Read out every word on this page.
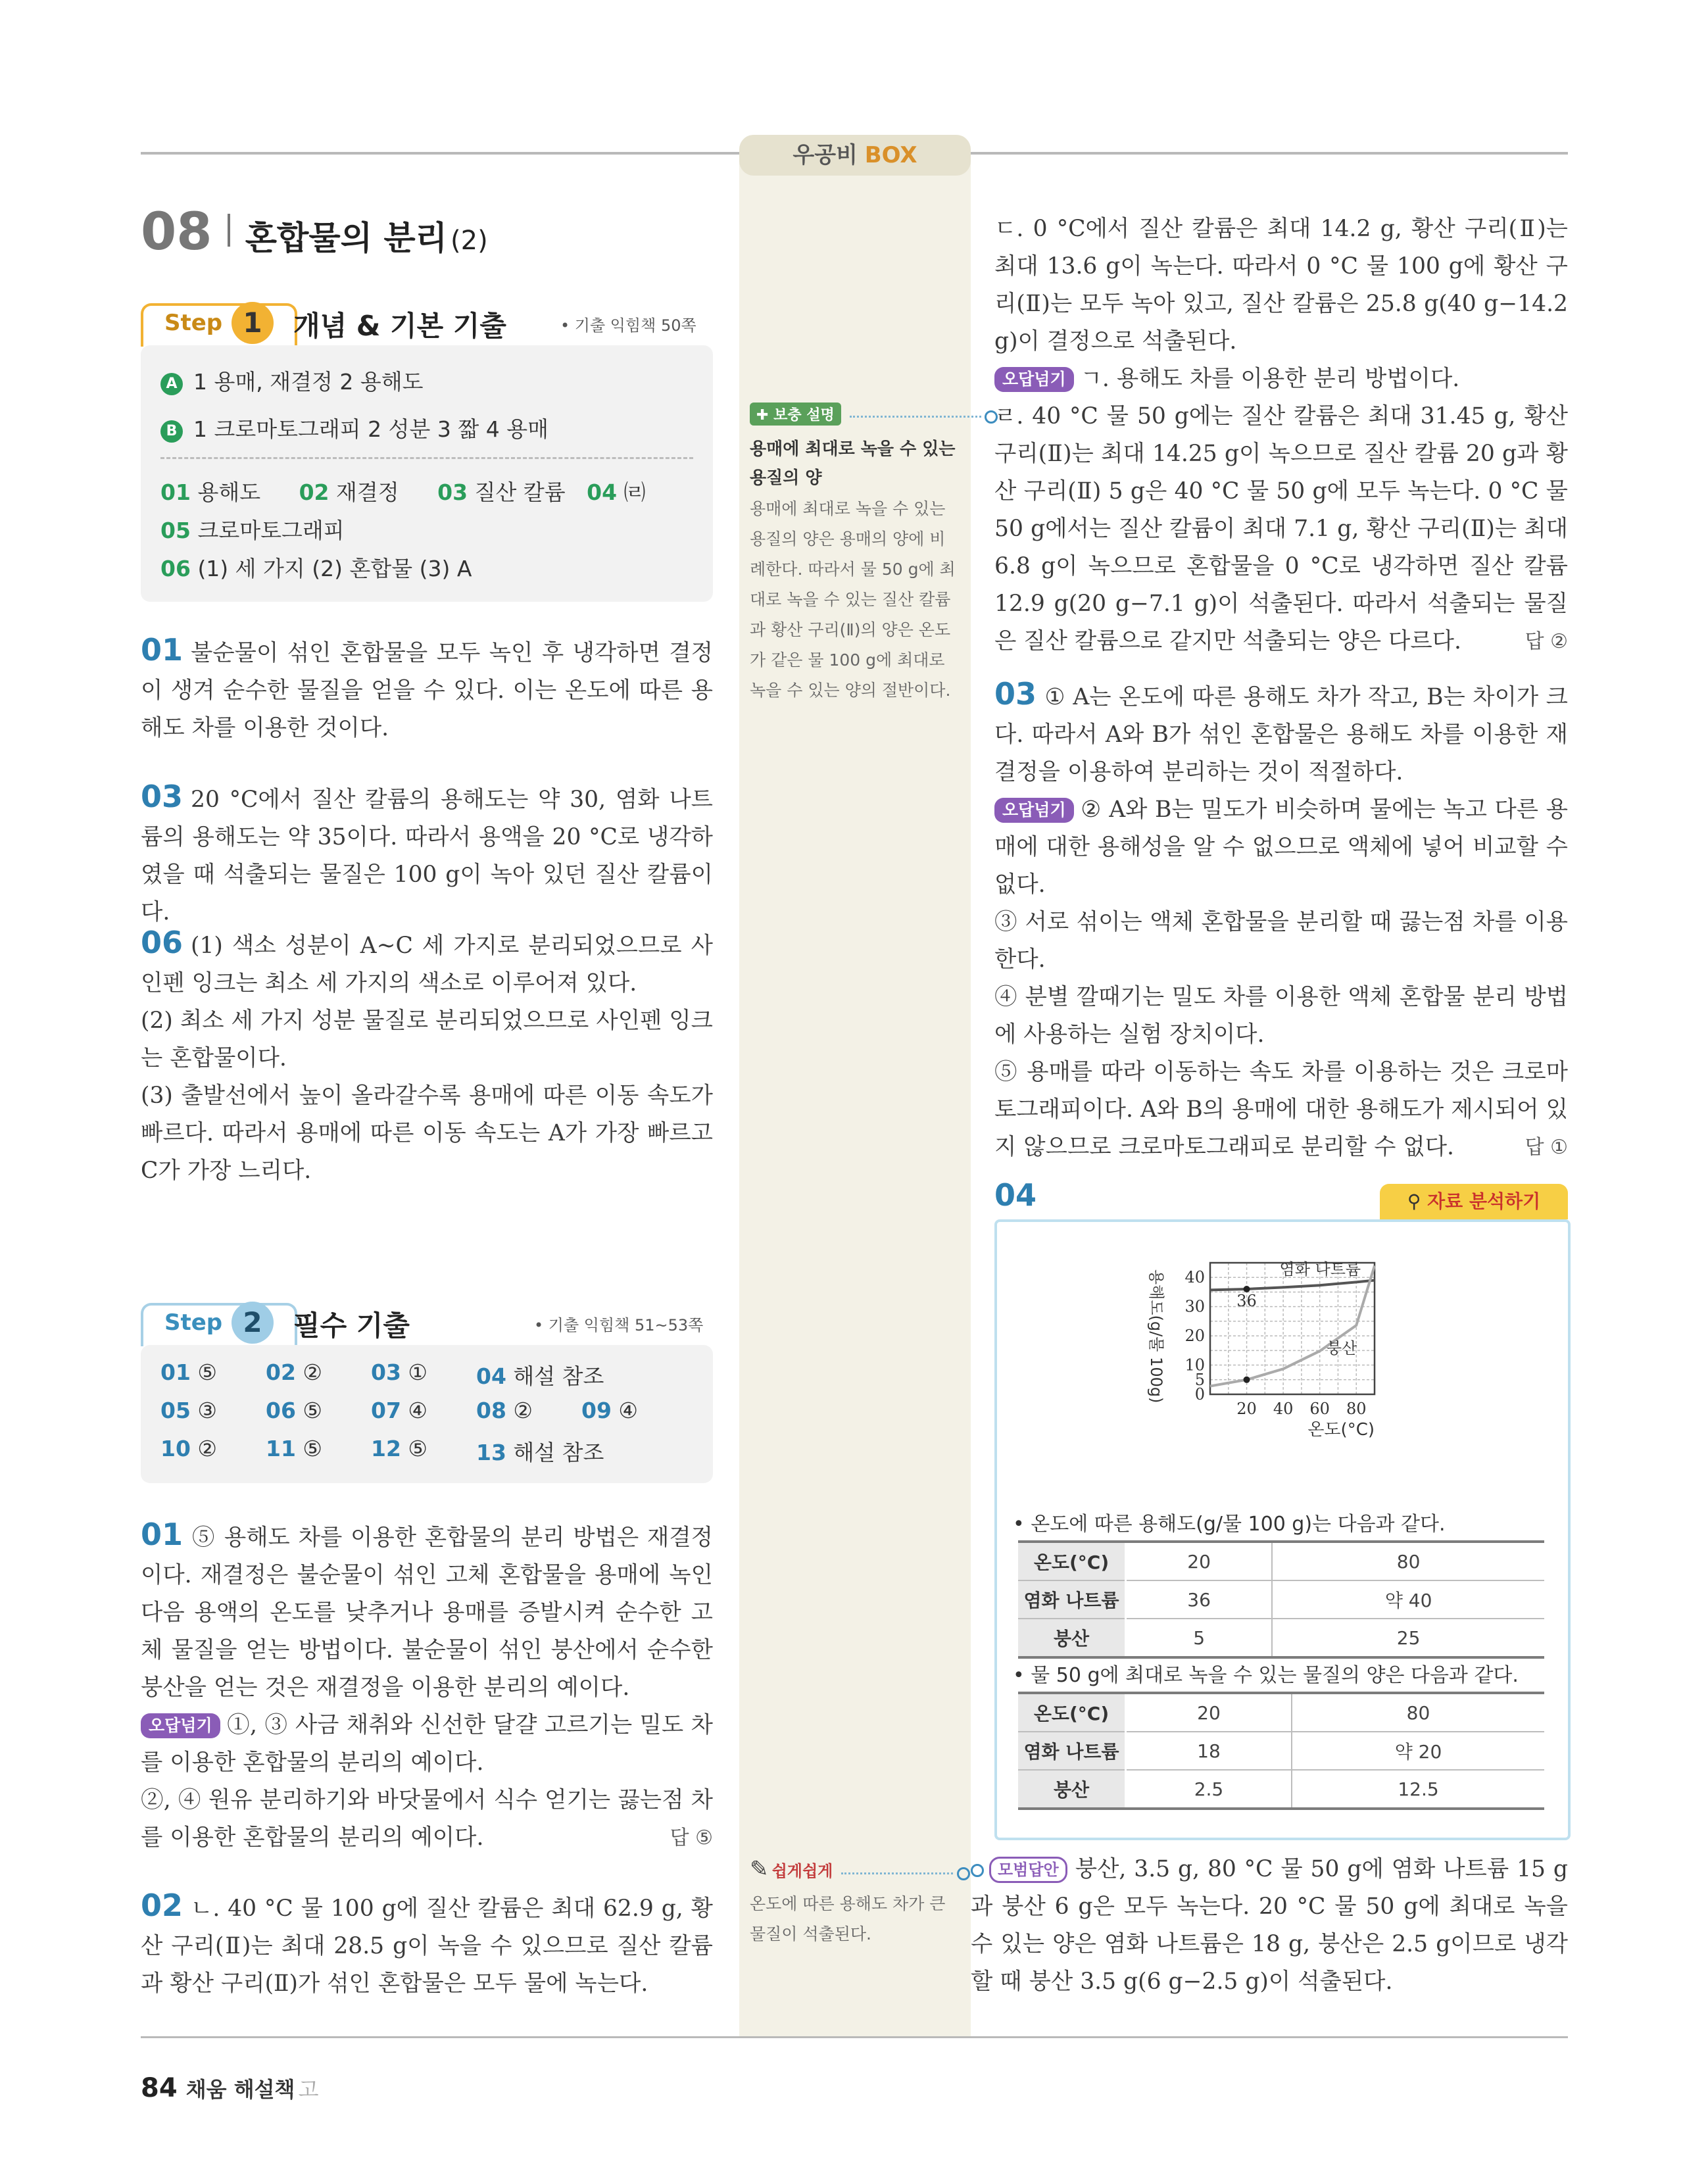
우공비 BOX
08 혼합물의 분리 (2)
Step 1	개념 & 기본 기출	• 기출 익힘책 50쪽
A 1 용매, 재결정 2 용해도
B 1 크로마토그래피 2 성분 3 짧 4 용매
01 용해도 02 재결정 03 질산 칼륨 04 ㈃
05 크로마토그래피
06 (1) 세 가지 (2) 혼합물 (3) A
01 불순물이 섞인 혼합물을 모두 녹인 후 냉각하면 결정이 생겨 순수한 물질을 얻을 수 있다. 이는 온도에 따른 용해도 차를 이용한 것이다.
03 20 °C에서 질산 칼륨의 용해도는 약 30, 염화 나트륨의 용해도는 약 35이다. 따라서 용액을 20 °C로 냉각하였을 때 석출되는 물질은 100 g이 녹아 있던 질산 칼륨이다.
06 (1) 색소 성분이 A~C 세 가지로 분리되었으므로 사인펜 잉크는 최소 세 가지의 색소로 이루어져 있다.
(2) 최소 세 가지 성분 물질로 분리되었으므로 사인펜 잉크는 혼합물이다.
(3) 출발선에서 높이 올라갈수록 용매에 따른 이동 속도가 빠르다. 따라서 용매에 따른 이동 속도는 A가 가장 빠르고 C가 가장 느리다.
Step 2	필수 기출	• 기출 익힘책 51~53쪽
01 ⑤ 02 ② 03 ① 04 해설 참조
05 ③ 06 ⑤ 07 ④ 08 ② 09 ④
10 ② 11 ⑤ 12 ⑤ 13 해설 참조
01 ⑤ 용해도 차를 이용한 혼합물의 분리 방법은 재결정이다. 재결정은 불순물이 섞인 고체 혼합물을 용매에 녹인 다음 용액의 온도를 낮추거나 용매를 증발시켜 순수한 고체 물질을 얻는 방법이다. 불순물이 섞인 붕산에서 순수한 붕산을 얻는 것은 재결정을 이용한 분리의 예이다.
오답넘기 ①, ③ 사금 채취와 신선한 달걀 고르기는 밀도 차를 이용한 혼합물의 분리의 예이다.
②, ④ 원유 분리하기와 바닷물에서 식수 얻기는 끓는점 차를 이용한 혼합물의 분리의 예이다.	답 ⑤
02 ㄴ. 40 °C 물 100 g에 질산 칼륨은 최대 62.9 g, 황산 구리(Ⅱ)는 최대 28.5 g이 녹을 수 있으므로 질산 칼륨과 황산 구리(Ⅱ)가 섞인 혼합물은 모두 물에 녹는다.
✚ 보충 설명
용매에 최대로 녹을 수 있는 용질의 양
용매에 최대로 녹을 수 있는 용질의 양은 용매의 양에 비례한다. 따라서 물 50 g에 최대로 녹을 수 있는 질산 칼륨과 황산 구리(Ⅱ)의 양은 온도가 같은 물 100 g에 최대로 녹을 수 있는 양의 절반이다.
✎ 쉽게쉽게
온도에 따른 용해도 차가 큰 물질이 석출된다.
ㄷ. 0 °C에서 질산 칼륨은 최대 14.2 g, 황산 구리(Ⅱ)는 최대 13.6 g이 녹는다. 따라서 0 °C 물 100 g에 황산 구리(Ⅱ)는 모두 녹아 있고, 질산 칼륨은 25.8 g(40 g−14.2 g)이 결정으로 석출된다.
오답넘기 ㄱ. 용해도 차를 이용한 분리 방법이다.
ㄹ. 40 °C 물 50 g에는 질산 칼륨은 최대 31.45 g, 황산 구리(Ⅱ)는 최대 14.25 g이 녹으므로 질산 칼륨 20 g과 황산 구리(Ⅱ) 5 g은 40 °C 물 50 g에 모두 녹는다. 0 °C 물 50 g에서는 질산 칼륨이 최대 7.1 g, 황산 구리(Ⅱ)는 최대 6.8 g이 녹으므로 혼합물을 0 °C로 냉각하면 질산 칼륨 12.9 g(20 g−7.1 g)이 석출된다. 따라서 석출되는 물질은 질산 칼륨으로 같지만 석출되는 양은 다르다.	답 ②
03 ① A는 온도에 따른 용해도 차가 작고, B는 차이가 크다. 따라서 A와 B가 섞인 혼합물은 용해도 차를 이용한 재결정을 이용하여 분리하는 것이 적절하다.
오답넘기 ② A와 B는 밀도가 비슷하며 물에는 녹고 다른 용매에 대한 용해성을 알 수 없으므로 액체에 넣어 비교할 수 없다.
③ 서로 섞이는 액체 혼합물을 분리할 때 끓는점 차를 이용한다.
④ 분별 깔때기는 밀도 차를 이용한 액체 혼합물 분리 방법에 사용하는 실험 장치이다.
⑤ 용매를 따라 이동하는 속도 차를 이용하는 것은 크로마토그래피이다. A와 B의 용매에 대한 용해도가 제시되어 있지 않으므로 크로마토그래피로 분리할 수 없다.	답 ①
04	⚲ 자료 분석하기
20 40 60 80
0
5
10
20
30
40
온도(°C)
용해도(g/물 100g)
염화 나트륨
붕산
36
• 온도에 따른 용해도(g/물 100 g)는 다음과 같다.
온도(°C)	20	80
염화 나트륨	36	약 40
붕산	5	25
• 물 50 g에 최대로 녹을 수 있는 물질의 양은 다음과 같다.
온도(°C)	20	80
염화 나트륨	18	약 20
붕산	2.5	12.5
모범답안 붕산, 3.5 g, 80 °C 물 50 g에 염화 나트륨 15 g과 붕산 6 g은 모두 녹는다. 20 °C 물 50 g에 최대로 녹을 수 있는 양은 염화 나트륨은 18 g, 붕산은 2.5 g이므로 냉각할 때 붕산 3.5 g(6 g−2.5 g)이 석출된다.
84 채움 해설책 고
